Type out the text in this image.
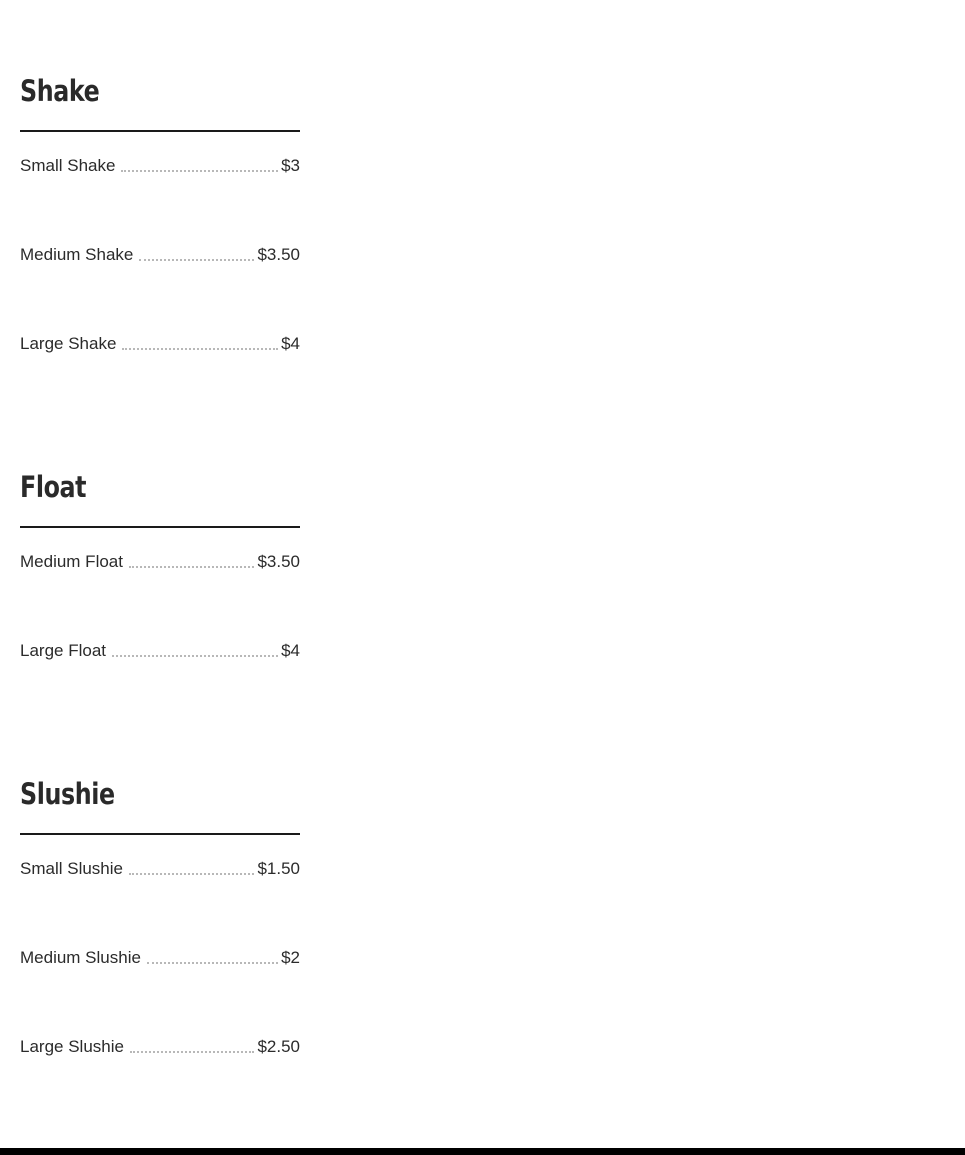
Shake
Small Shake	$3
Medium Shake	$3.50
Large Shake	$4
Float
Medium Float	$3.50
Large Float	$4
Slushie
Small Slushie	$1.50
Medium Slushie	$2
Large Slushie	$2.50
